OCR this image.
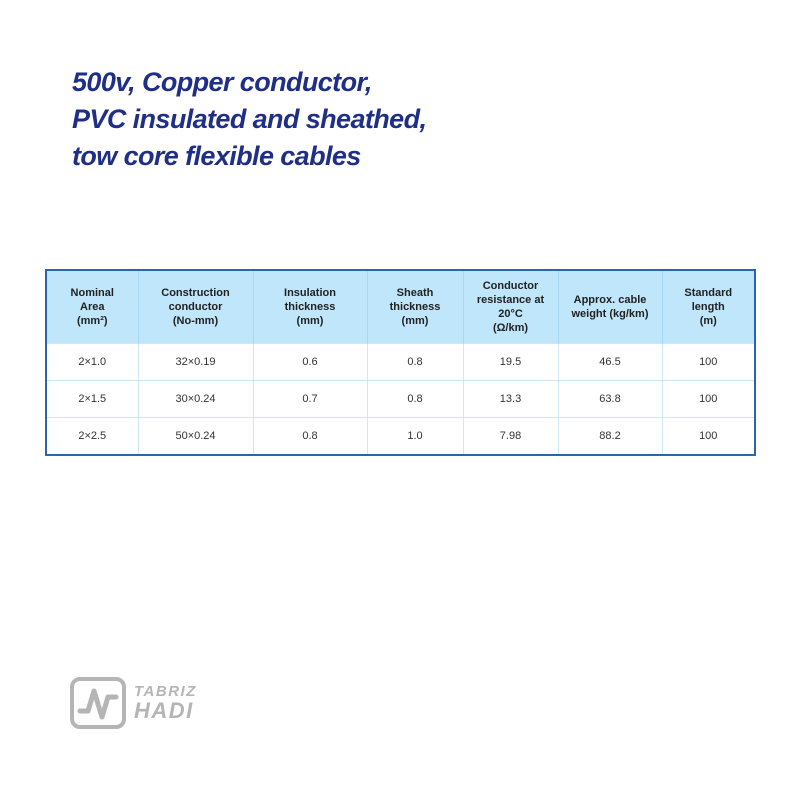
500v, Copper conductor,
PVC insulated and sheathed,
tow core flexible cables
Nominal
Area
(mm²)	Construction
conductor
(No-mm)	Insulation
thickness
(mm)	Sheath
thickness
(mm)	Conductor
resistance at
20°C
(Ω/km)	Approx. cable
weight (kg/km)	Standard
length
(m)
2×1.0	32×0.19	0.6	0.8	19.5	46.5	100
2×1.5	30×0.24	0.7	0.8	13.3	63.8	100
2×2.5	50×0.24	0.8	1.0	7.98	88.2	100
TABRIZ
HADI
